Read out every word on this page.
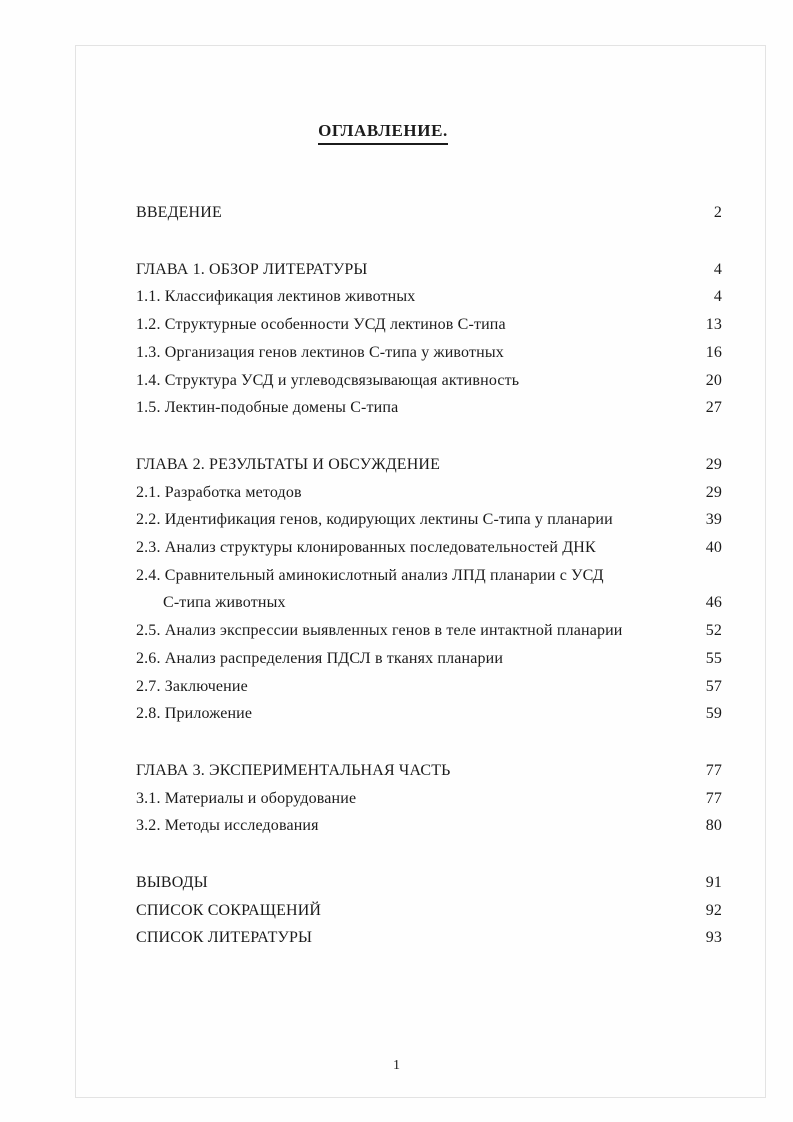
ОГЛАВЛЕНИЕ.
ВВЕДЕНИЕ	2
ГЛАВА 1. ОБЗОР ЛИТЕРАТУРЫ	4
1.1. Классификация лектинов животных	4
1.2. Структурные особенности УСД лектинов С-типа	13
1.3. Организация генов лектинов С-типа у животных	16
1.4. Структура УСД и углеводсвязывающая активность	20
1.5. Лектин-подобные домены С-типа	27
ГЛАВА 2. РЕЗУЛЬТАТЫ И ОБСУЖДЕНИЕ	29
2.1. Разработка методов	29
2.2. Идентификация генов, кодирующих лектины С-типа у планарии	39
2.3. Анализ структуры клонированных последовательностей ДНК	40
2.4. Сравнительный аминокислотный анализ ЛПД планарии с УСД
С-типа животных	46
2.5. Анализ экспрессии выявленных генов в теле интактной планарии	52
2.6. Анализ распределения ПДСЛ в тканях планарии	55
2.7. Заключение	57
2.8. Приложение	59
ГЛАВА 3. ЭКСПЕРИМЕНТАЛЬНАЯ ЧАСТЬ	77
3.1. Материалы и оборудование	77
3.2. Методы исследования	80
ВЫВОДЫ	91
СПИСОК СОКРАЩЕНИЙ	92
СПИСОК ЛИТЕРАТУРЫ	93
1
